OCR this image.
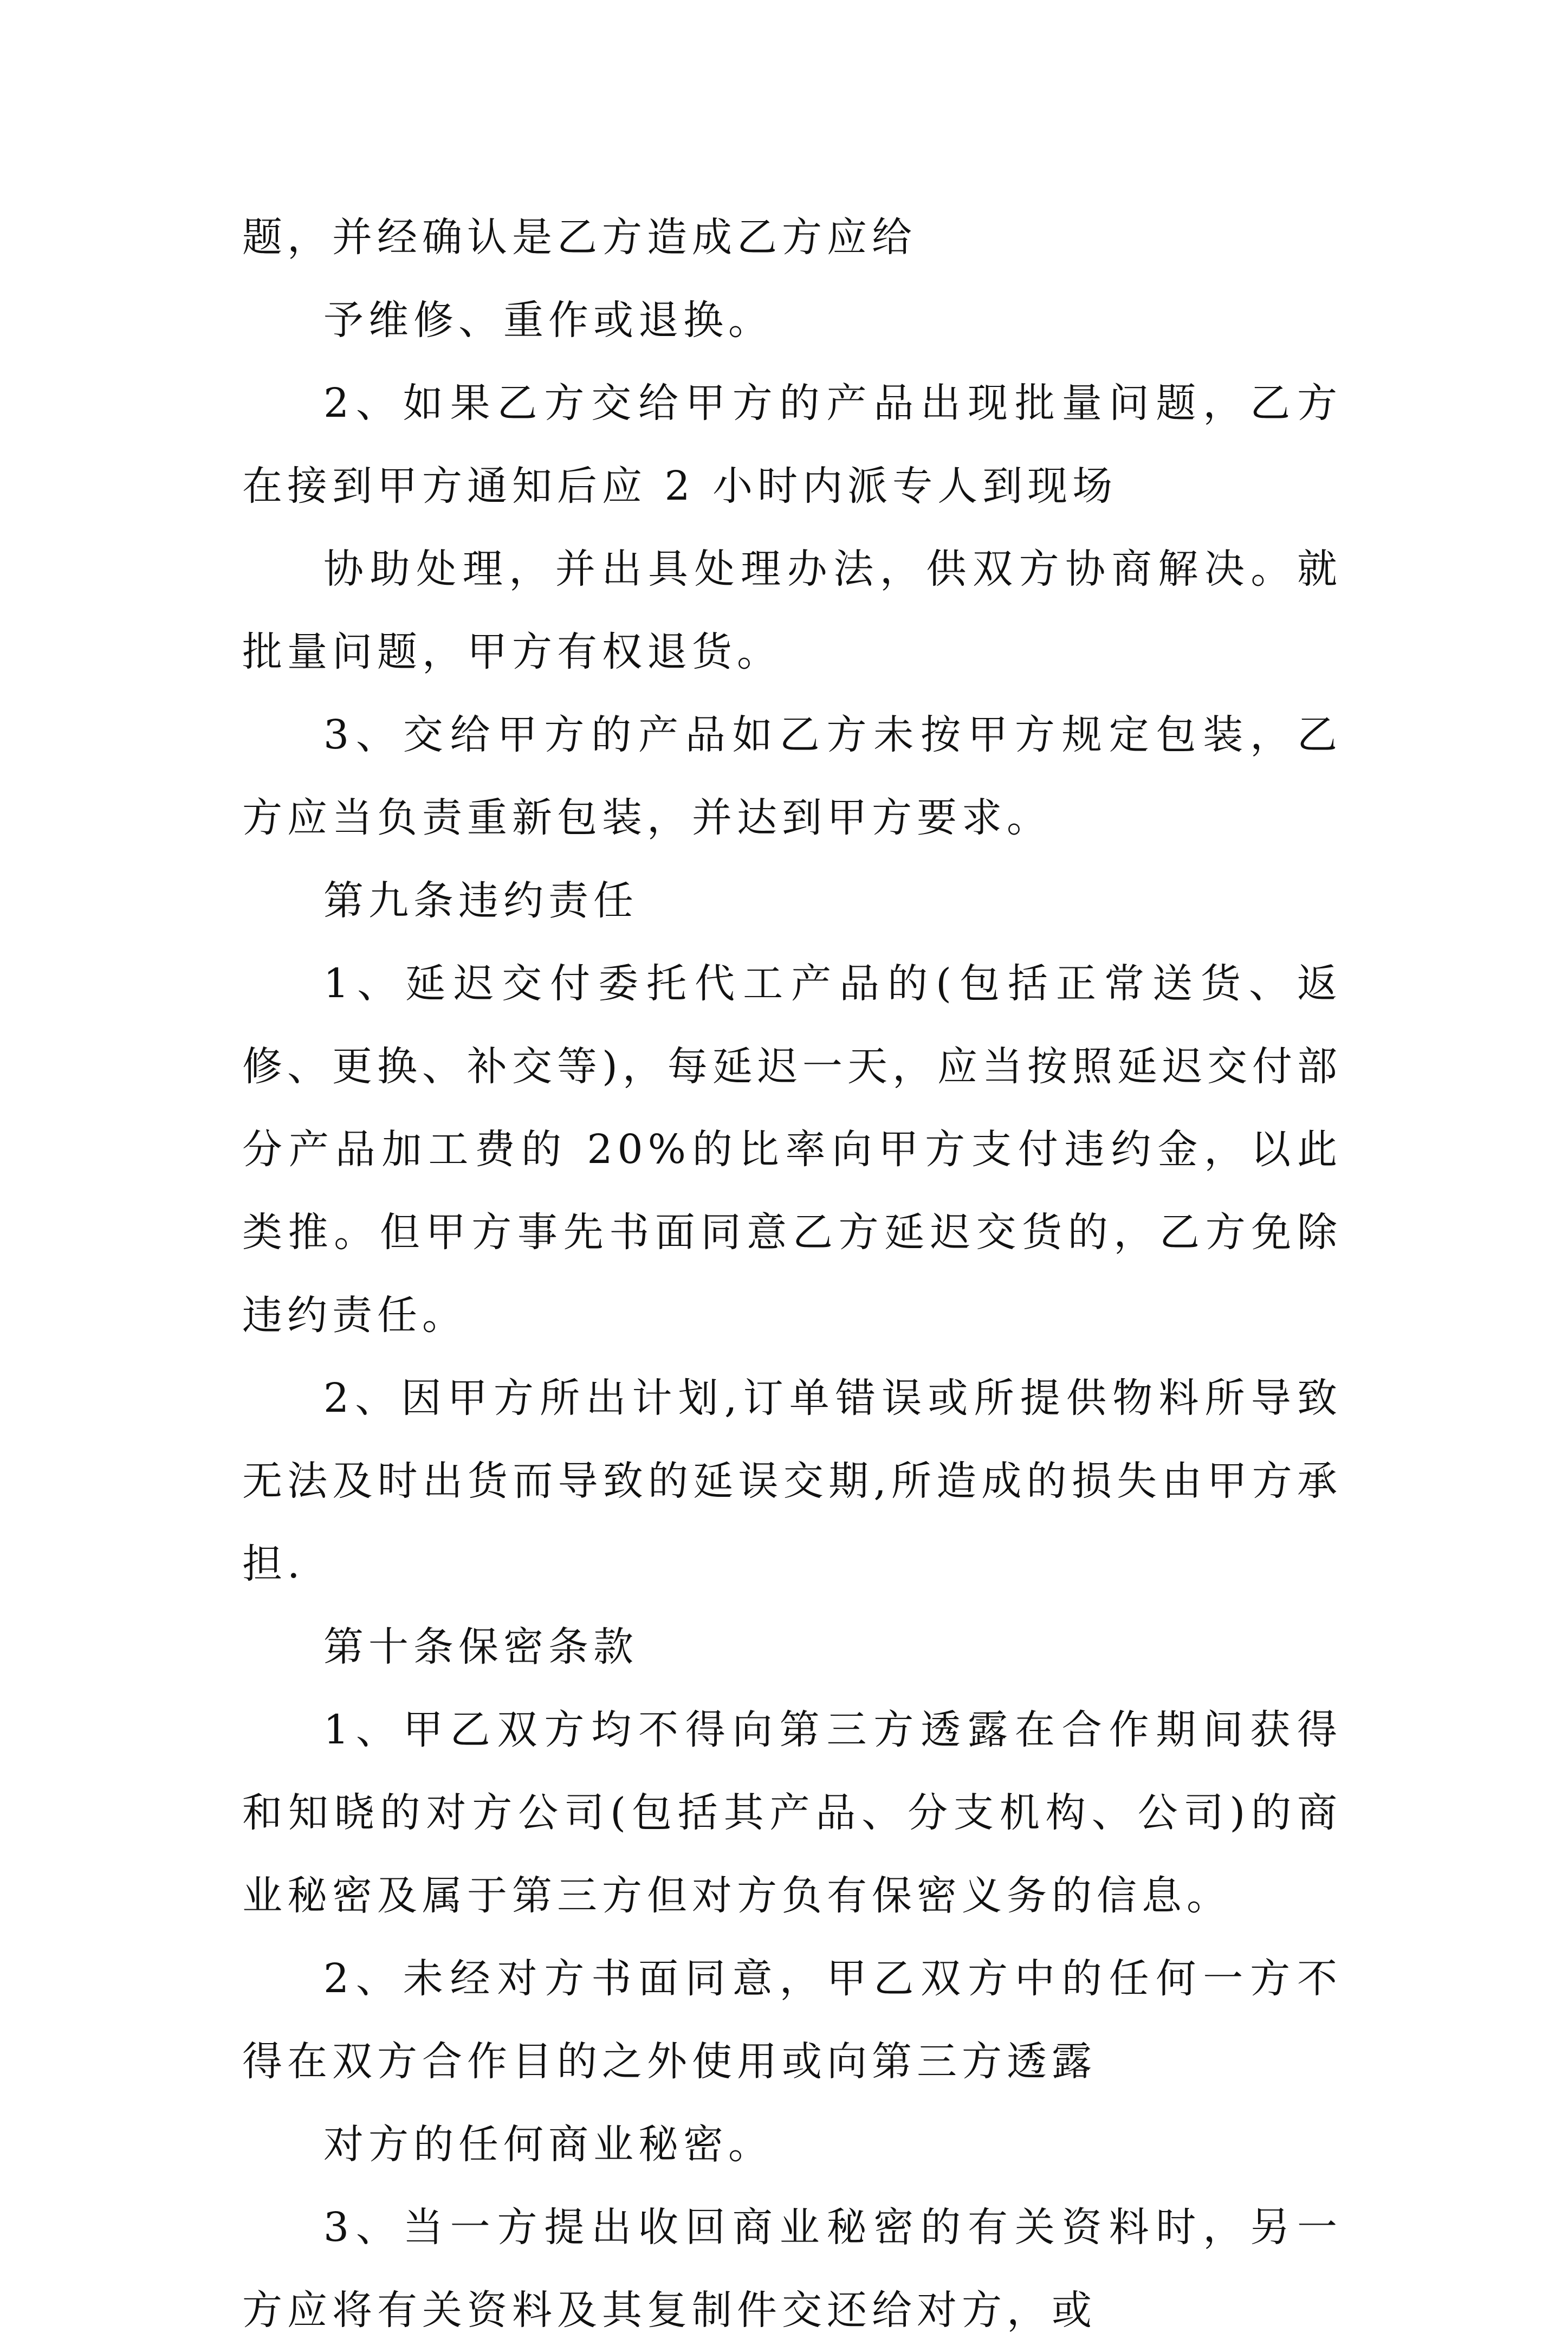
题，并经确认是乙方造成乙方应给

予维修、重作或退换。

2、如果乙方交给甲方的产品出现批量问题，乙方在接到甲方通知后应 2 小时内派专人到现场

协助处理，并出具处理办法，供双方协商解决。就批量问题，甲方有权退货。

3、交给甲方的产品如乙方未按甲方规定包装，乙方应当负责重新包装，并达到甲方要求。

第九条违约责任

1、延迟交付委托代工产品的(包括正常送货、返修、更换、补交等)，每延迟一天，应当按照延迟交付部分产品加工费的 20%的比率向甲方支付违约金，以此类推。但甲方事先书面同意乙方延迟交货的，乙方免除违约责任。

2、因甲方所出计划,订单错误或所提供物料所导致无法及时出货而导致的延误交期,所造成的损失由甲方承担.

第十条保密条款

1、甲乙双方均不得向第三方透露在合作期间获得和知晓的对方公司(包括其产品、分支机构、公司)的商业秘密及属于第三方但对方负有保密义务的信息。

2、未经对方书面同意，甲乙双方中的任何一方不得在双方合作目的之外使用或向第三方透露

对方的任何商业秘密。

3、当一方提出收回商业秘密的有关资料时，另一方应将有关资料及其复制件交还给对方，或
